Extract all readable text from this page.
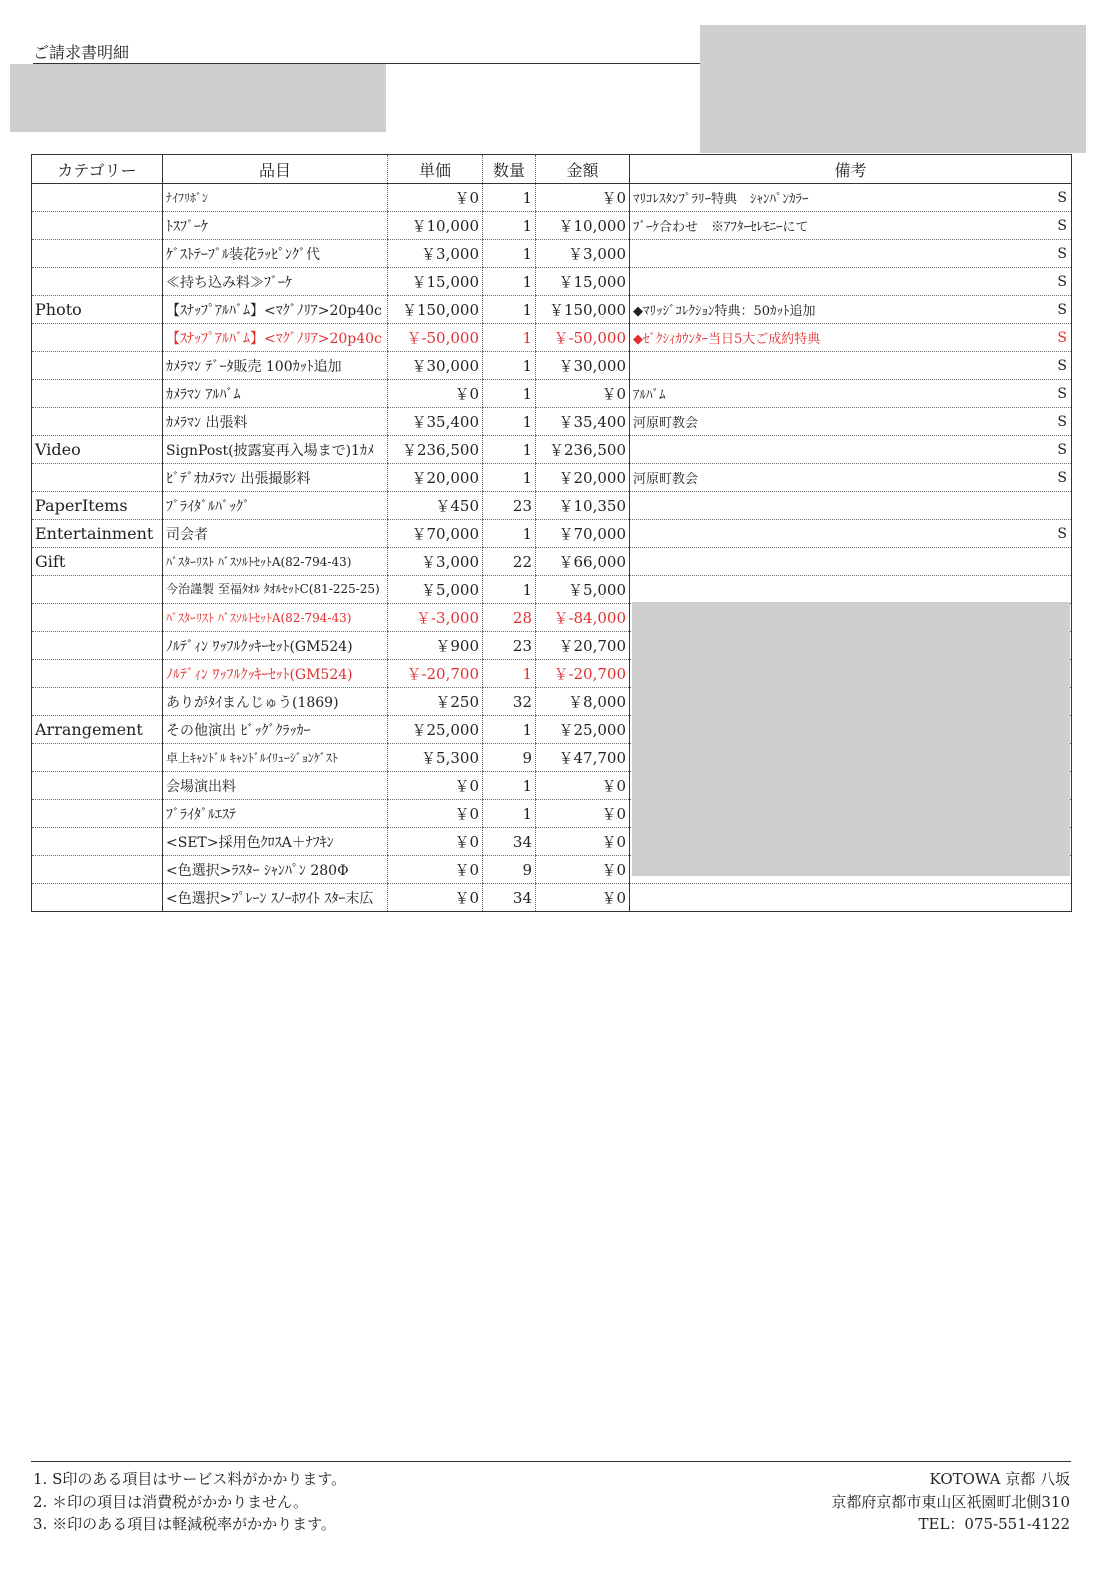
ご請求書明細
カテゴリー	品目	単価	数量	金額	備考
	ﾅｲﾌﾘﾎﾞﾝ	￥0	1	￥0	ﾏﾘｺﾚｽﾀﾝﾌﾟﾗﾘｰ特典　ｼｬﾝﾊﾟﾝｶﾗｰ S

	ﾄｽﾌﾞｰｹ	￥10,000	1	￥10,000	ﾌﾞｰｹ合わせ　※ｱﾌﾀｰｾﾚﾓﾆｰにて S

	ｹﾞｽﾄﾃｰﾌﾞﾙ装花ﾗｯﾋﾟﾝｸﾞ代	￥3,000	1	￥3,000	S

	≪持ち込み料≫ﾌﾞｰｹ	￥15,000	1	￥15,000	S

Photo	【ｽﾅｯﾌﾟｱﾙﾊﾞﾑ】<ﾏｸﾞﾉﾘｱ>20p40c	￥150,000	1	￥150,000	◆ﾏﾘｯｼﾞｺﾚｸｼｮﾝ特典：50ｶｯﾄ追加 S

	【ｽﾅｯﾌﾟｱﾙﾊﾞﾑ】<ﾏｸﾞﾉﾘｱ>20p40c	￥-50,000	1	￥-50,000	◆ｾﾞｸｼｨｶｳﾝﾀｰ当日5大ご成約特典 S

	ｶﾒﾗﾏﾝ ﾃﾞｰﾀ販売 100ｶｯﾄ追加	￥30,000	1	￥30,000	S

	ｶﾒﾗﾏﾝ ｱﾙﾊﾞﾑ	￥0	1	￥0	ｱﾙﾊﾞﾑ S

	ｶﾒﾗﾏﾝ 出張料	￥35,400	1	￥35,400	河原町教会 S

Video	SignPost(披露宴再入場まで)1ｶﾒ	￥236,500	1	￥236,500	S

	ﾋﾞﾃﾞｵｶﾒﾗﾏﾝ 出張撮影料	￥20,000	1	￥20,000	河原町教会 S

PaperItems	ﾌﾞﾗｲﾀﾞﾙﾊﾞｯｸﾞ	￥450	23	￥10,350	

Entertainment	司会者	￥70,000	1	￥70,000	S

Gift	ﾊﾞｽﾀｰﾘｽﾄ ﾊﾞｽｿﾙﾄｾｯﾄA(82-794-43)	￥3,000	22	￥66,000	

	今治謹製 至福ﾀｵﾙ ﾀｵﾙｾｯﾄC(81-225-25)	￥5,000	1	￥5,000	

	ﾊﾞｽﾀｰﾘｽﾄ ﾊﾞｽｿﾙﾄｾｯﾄA(82-794-43)	￥-3,000	28	￥-84,000	

	ﾉﾙﾃﾞｨﾝ ﾜｯﾌﾙｸｯｷｰｾｯﾄ(GM524)	￥900	23	￥20,700	

	ﾉﾙﾃﾞｨﾝ ﾜｯﾌﾙｸｯｷｰｾｯﾄ(GM524)	￥-20,700	1	￥-20,700	

	ありがﾀｲまんじゅう(1869)	￥250	32	￥8,000	

Arrangement	その他演出 ﾋﾞｯｸﾞｸﾗｯｶｰ	￥25,000	1	￥25,000	

	卓上ｷｬﾝﾄﾞﾙ ｷｬﾝﾄﾞﾙｲﾘｭｰｼﾞｮﾝｹﾞｽﾄ	￥5,300	9	￥47,700	

	会場演出料	￥0	1	￥0	

	ﾌﾞﾗｲﾀﾞﾙｴｽﾃ	￥0	1	￥0	

	<SET>採用色ｸﾛｽA＋ﾅﾌｷﾝ	￥0	34	￥0	

	<色選択>ﾗｽﾀｰ ｼｬﾝﾊﾟﾝ 280Φ	￥0	9	￥0	

	<色選択>ﾌﾟﾚｰﾝ ｽﾉｰﾎﾜｲﾄ ｽﾀｰ末広	￥0	34	￥0	
1. S印のある項目はサービス料がかかります。
2. ＊印の項目は消費税がかかりません。
3. ※印のある項目は軽減税率がかかります。
KOTOWA 京都 八坂
京都府京都市東山区祇園町北側310
TEL：075-551-4122
